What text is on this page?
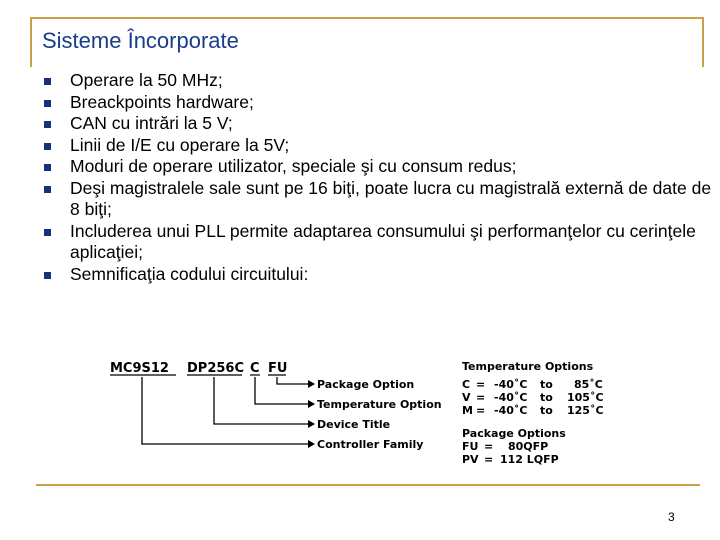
Sisteme Încorporate
Operare la 50 MHz;
Breackpoints hardware;
CAN cu intrări la 5 V;
Linii de I/E cu operare la 5V;
Moduri de operare utilizator, speciale şi cu consum redus;
Deşi magistralele sale sunt pe 16 biţi, poate lucra cu magistrală externă de date de 8 biţi;
Includerea unui PLL permite adaptarea consumului şi performanţelor cu cerinţele aplicaţiei;
Semnificaţia codului circuitului:
MC9S12 DP256C C FU
Package Option
Temperature Option
Device Title
Controller Family
Temperature Options
C = -40˚C to 85˚C
V = -40˚C to 105˚C
M = -40˚C to 125˚C
Package Options
FU = 80QFP
PV = 112 LQFP
3
